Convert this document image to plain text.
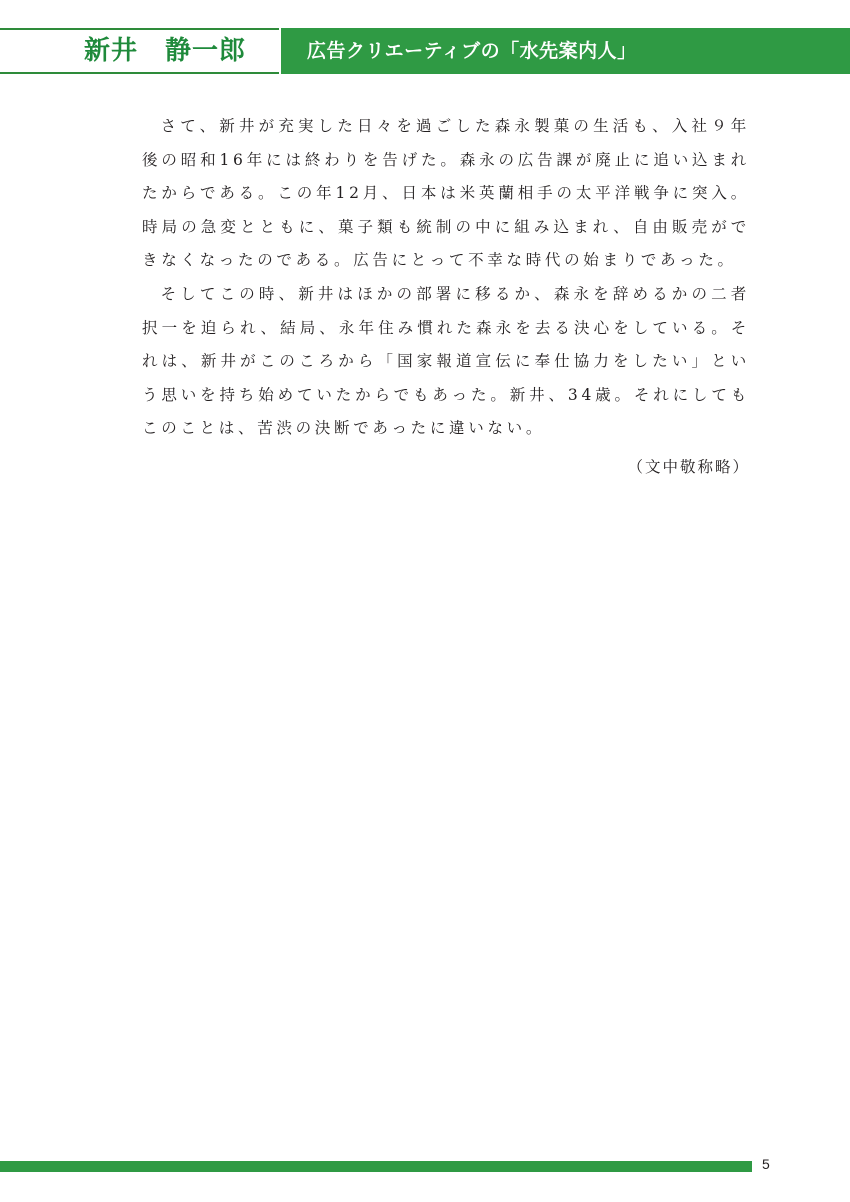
新井　静一郎	広告クリエーティブの「水先案内人」

さて、新井が充実した日々を過ごした森永製菓の生活も、入社９年後の昭和16年には終わりを告げた。森永の広告課が廃止に追い込まれたからである。この年12月、日本は米英蘭相手の太平洋戦争に突入。時局の急変とともに、菓子類も統制の中に組み込まれ、自由販売ができなくなったのである。広告にとって不幸な時代の始まりであった。

そしてこの時、新井はほかの部署に移るか、森永を辞めるかの二者択一を迫られ、結局、永年住み慣れた森永を去る決心をしている。それは、新井がこのころから「国家報道宣伝に奉仕協力をしたい」という思いを持ち始めていたからでもあった。新井、34歳。それにしてもこのことは、苦渋の決断であったに違いない。

（文中敬称略）
5
